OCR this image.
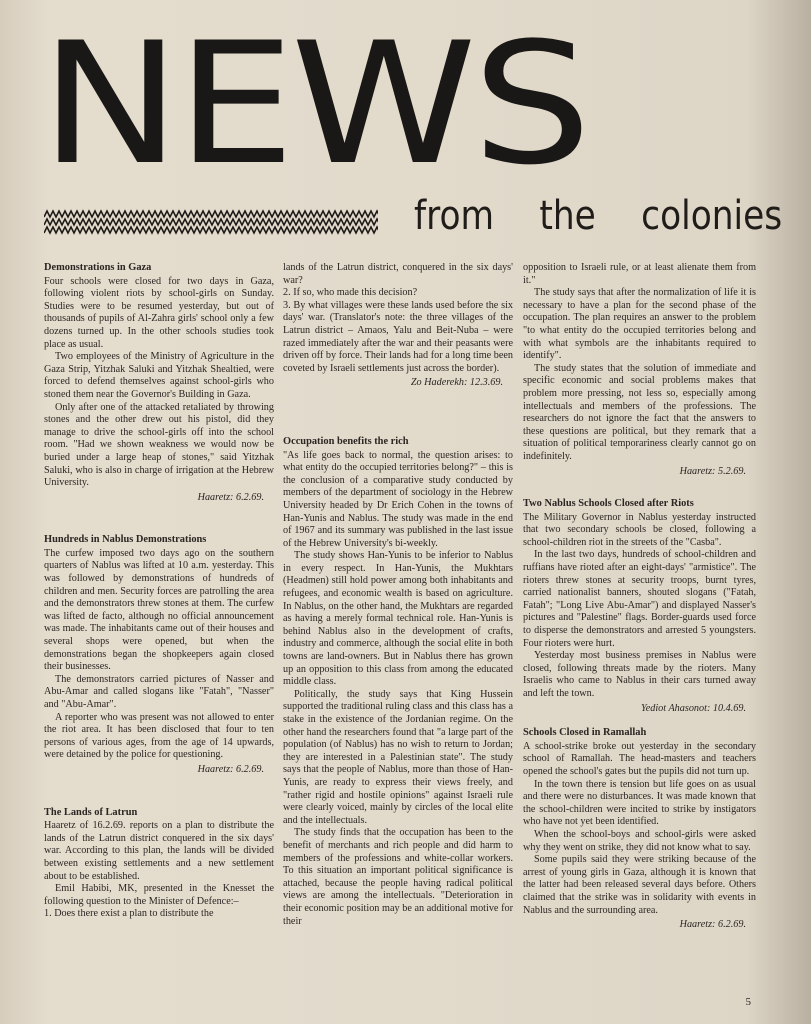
NEWS
from the colonies
Demonstrations in Gaza

Four schools were closed for two days in Gaza, following violent riots by school-girls on Sunday. Studies were to be resumed yesterday, but out of thousands of pupils of Al-Zahra girls' school only a few dozens turned up. In the other schools studies took place as usual.

Two employees of the Ministry of Agriculture in the Gaza Strip, Yitzhak Saluki and Yitzhak Shealtied, were forced to defend themselves against school-girls who stoned them near the Governor's Building in Gaza.

Only after one of the attacked retaliated by throwing stones and the other drew out his pistol, did they manage to drive the school-girls off into the school room. "Had we shown weakness we would now be buried under a large heap of stones," said Yitzhak Saluki, who is also in charge of irrigation at the Hebrew University.

Haaretz: 6.2.69.

Hundreds in Nablus Demonstrations

The curfew imposed two days ago on the southern quarters of Nablus was lifted at 10 a.m. yesterday. This was followed by demonstrations of hundreds of children and men. Security forces are patrolling the area and the demonstrators threw stones at them. The curfew was lifted de facto, although no official announcement was made. The inhabitants came out of their houses and several shops were opened, but when the demonstrations began the shopkeepers again closed their businesses.

The demonstrators carried pictures of Nasser and Abu-Amar and called slogans like "Fatah", "Nasser" and "Abu-Amar".

A reporter who was present was not allowed to enter the riot area. It has been disclosed that four to ten persons of various ages, from the age of 14 upwards, were detained by the police for questioning.

Haaretz: 6.2.69.

The Lands of Latrun

Haaretz of 16.2.69. reports on a plan to distribute the lands of the Latrun district conquered in the six days' war. According to this plan, the lands will be divided between existing settlements and a new settlement about to be established.

Emil Habibi, MK, presented in the Knesset the following question to the Minister of Defence:–

1. Does there exist a plan to distribute the

lands of the Latrun district, conquered in the six days' war?

2. If so, who made this decision?

3. By what villages were these lands used before the six days' war. (Translator's note: the three villages of the Latrun district – Amaos, Yalu and Beit-Nuba – were razed immediately after the war and their peasants were driven off by force. Their lands had for a long time been coveted by Israeli settlements just across the border).

Zo Haderekh: 12.3.69.

Occupation benefits the rich

"As life goes back to normal, the question arises: to what entity do the occupied territories belong?" – this is the conclusion of a comparative study conducted by members of the department of sociology in the Hebrew University headed by Dr Erich Cohen in the towns of Han-Yunis and Nablus. The study was made in the end of 1967 and its summary was published in the last issue of the Hebrew University's bi-weekly.

The study shows Han-Yunis to be inferior to Nablus in every respect. In Han-Yunis, the Mukhtars (Headmen) still hold power among both inhabitants and refugees, and economic wealth is based on agriculture. In Nablus, on the other hand, the Mukhtars are regarded as having a merely formal technical role. Han-Yunis is behind Nablus also in the development of crafts, industry and commerce, although the social elite in both towns are land-owners. But in Nablus there has grown up an opposition to this class from among the educated middle class.

Politically, the study says that King Hussein supported the traditional ruling class and this class has a stake in the existence of the Jordanian regime. On the other hand the researchers found that "a large part of the population (of Nablus) has no wish to return to Jordan; they are interested in a Palestinian state". The study says that the people of Nablus, more than those of Han-Yunis, are ready to express their views freely, and "rather rigid and hostile opinions" against Israeli rule were clearly voiced, mainly by circles of the local elite and the intellectuals.

The study finds that the occupation has been to the benefit of merchants and rich people and did harm to members of the professions and white-collar workers. To this situation an important political significance is attached, because the people having radical political views are among the intellectuals. "Deterioration in their economic position may be an additional motive for their

opposition to Israeli rule, or at least alienate them from it."

The study says that after the normalization of life it is necessary to have a plan for the second phase of the occupation. The plan requires an answer to the problem "to what entity do the occupied territories belong and with what symbols are the inhabitants required to identify".

The study states that the solution of immediate and specific economic and social problems makes that problem more pressing, not less so, especially among intellectuals and members of the professions. The researchers do not ignore the fact that the answers to these questions are political, but they remark that a situation of political temporariness clearly cannot go on indefinitely.

Haaretz: 5.2.69.

Two Nablus Schools Closed after Riots

The Military Governor in Nablus yesterday instructed that two secondary schools be closed, following a school-children riot in the streets of the "Casba".

In the last two days, hundreds of school-children and ruffians have rioted after an eight-days' "armistice". The rioters threw stones at security troops, burnt tyres, carried nationalist banners, shouted slogans ("Fatah, Fatah"; "Long Live Abu-Amar") and displayed Nasser's pictures and "Palestine" flags. Border-guards used force to disperse the demonstrators and arrested 5 youngsters. Four rioters were hurt.

Yesterday most business premises in Nablus were closed, following threats made by the rioters. Many Israelis who came to Nablus in their cars turned away and left the town.

Yediot Ahasonot: 10.4.69.

Schools Closed in Ramallah

A school-strike broke out yesterday in the secondary school of Ramallah. The head-masters and teachers opened the school's gates but the pupils did not turn up.

In the town there is tension but life goes on as usual and there were no disturbances. It was made known that the school-children were incited to strike by instigators who have not yet been identified.

When the school-boys and school-girls were asked why they went on strike, they did not know what to say.

Some pupils said they were striking because of the arrest of young girls in Gaza, although it is known that the latter had been released several days before. Others claimed that the strike was in solidarity with events in Nablus and the surrounding area.

Haaretz: 6.2.69.

5
